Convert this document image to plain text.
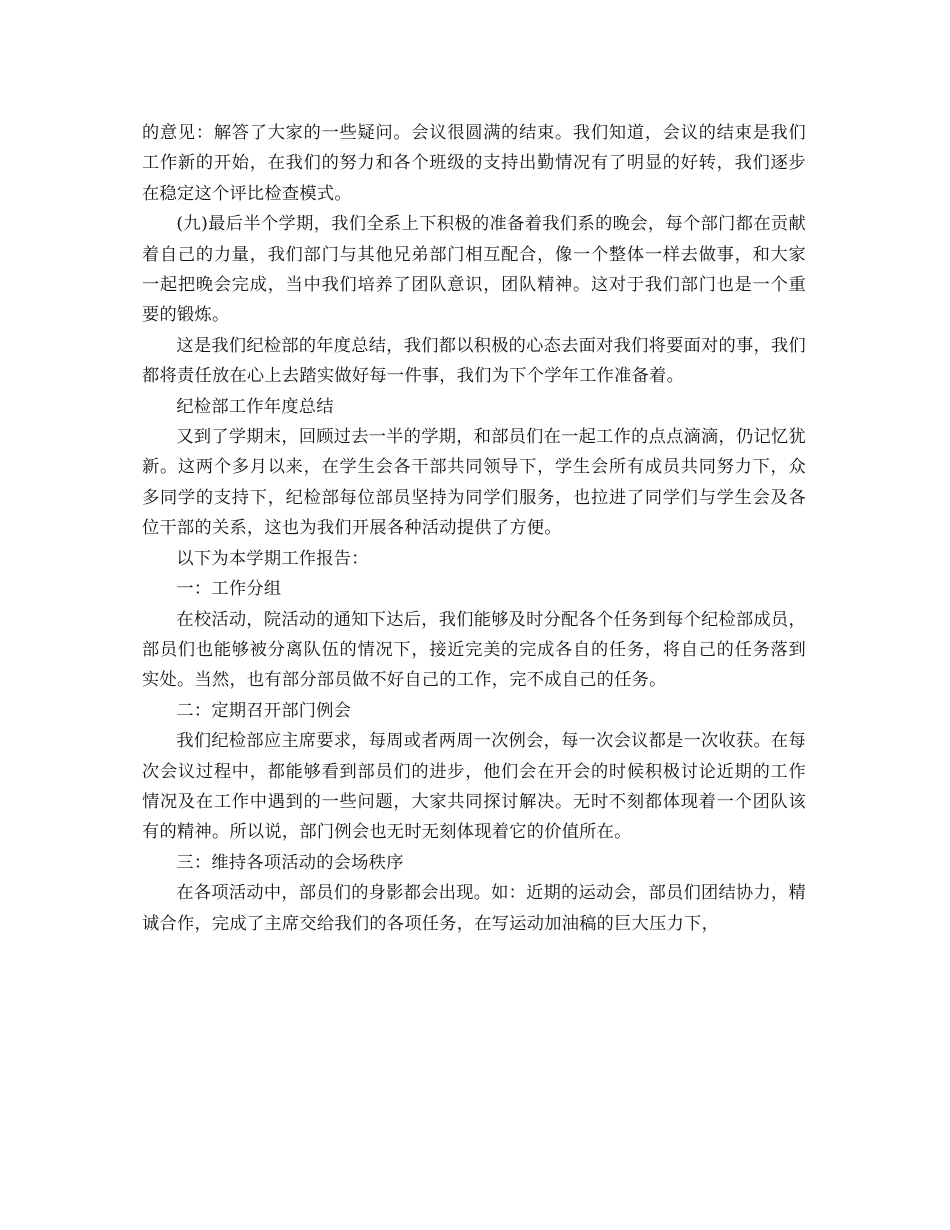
的意见：解答了大家的一些疑问。会议很圆满的结束。我们知道，会议的结束是我们工作新的开始，在我们的努力和各个班级的支持出勤情况有了明显的好转，我们逐步在稳定这个评比检查模式。

(九)最后半个学期，我们全系上下积极的准备着我们系的晚会，每个部门都在贡献着自己的力量，我们部门与其他兄弟部门相互配合，像一个整体一样去做事，和大家一起把晚会完成，当中我们培养了团队意识，团队精神。这对于我们部门也是一个重要的锻炼。

这是我们纪检部的年度总结，我们都以积极的心态去面对我们将要面对的事，我们都将责任放在心上去踏实做好每一件事，我们为下个学年工作准备着。

纪检部工作年度总结

又到了学期末，回顾过去一半的学期，和部员们在一起工作的点点滴滴，仍记忆犹新。这两个多月以来，在学生会各干部共同领导下，学生会所有成员共同努力下，众多同学的支持下，纪检部每位部员坚持为同学们服务，也拉进了同学们与学生会及各位干部的关系，这也为我们开展各种活动提供了方便。

以下为本学期工作报告：

一：工作分组

在校活动，院活动的通知下达后，我们能够及时分配各个任务到每个纪检部成员，部员们也能够被分离队伍的情况下，接近完美的完成各自的任务，将自己的任务落到实处。当然，也有部分部员做不好自己的工作，完不成自己的任务。

二：定期召开部门例会

我们纪检部应主席要求，每周或者两周一次例会，每一次会议都是一次收获。在每次会议过程中，都能够看到部员们的进步，他们会在开会的时候积极讨论近期的工作情况及在工作中遇到的一些问题，大家共同探讨解决。无时不刻都体现着一个团队该有的精神。所以说，部门例会也无时无刻体现着它的价值所在。

三：维持各项活动的会场秩序

在各项活动中，部员们的身影都会出现。如：近期的运动会，部员们团结协力，精诚合作，完成了主席交给我们的各项任务，在写运动加油稿的巨大压力下，
